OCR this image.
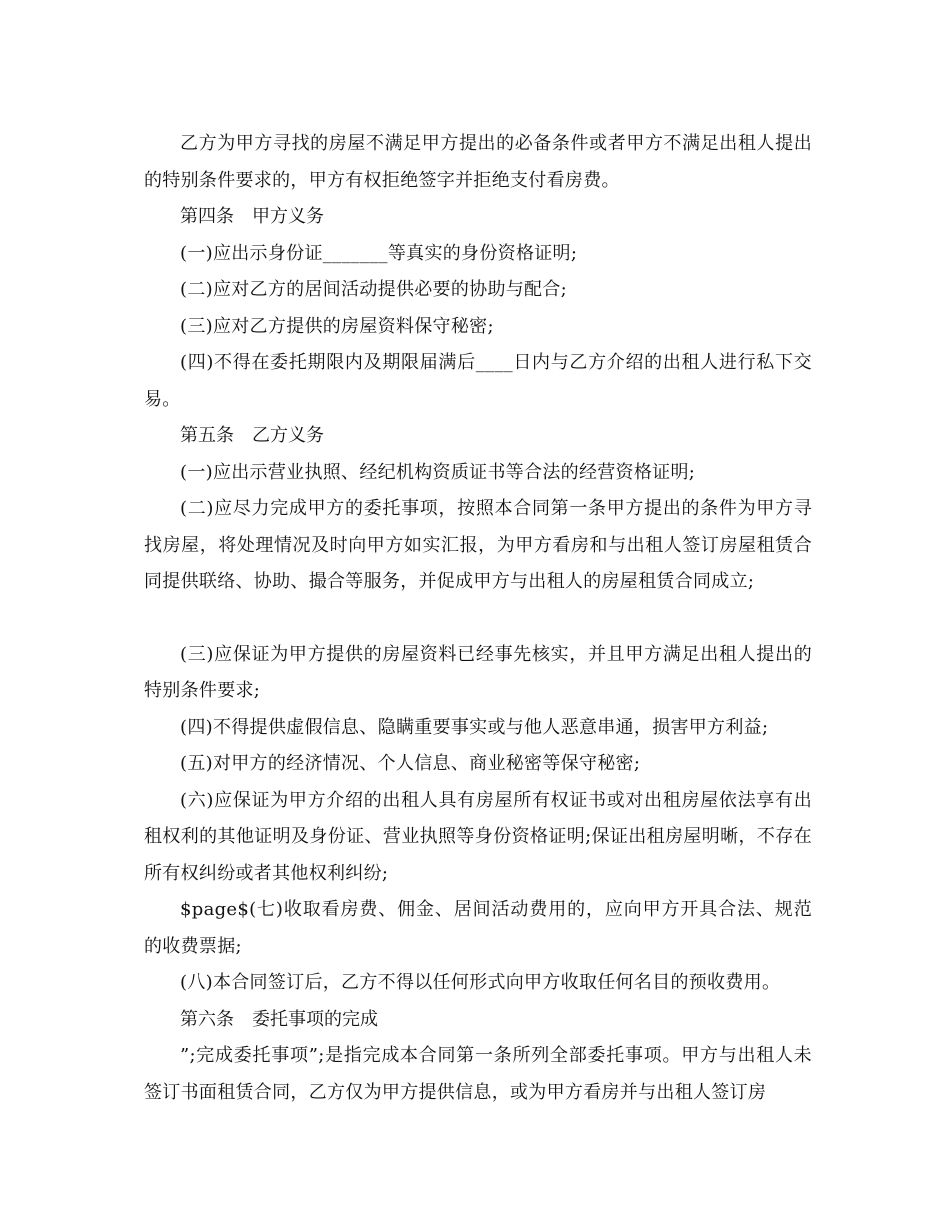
乙方为甲方寻找的房屋不满足甲方提出的必备条件或者甲方不满足出租人提出的特别条件要求的，甲方有权拒绝签字并拒绝支付看房费。

第四条　甲方义务

(一)应出示身份证_______等真实的身份资格证明;

(二)应对乙方的居间活动提供必要的协助与配合;

(三)应对乙方提供的房屋资料保守秘密;

(四)不得在委托期限内及期限届满后____日内与乙方介绍的出租人进行私下交易。

第五条　乙方义务

(一)应出示营业执照、经纪机构资质证书等合法的经营资格证明;

(二)应尽力完成甲方的委托事项，按照本合同第一条甲方提出的条件为甲方寻找房屋，将处理情况及时向甲方如实汇报，为甲方看房和与出租人签订房屋租赁合同提供联络、协助、撮合等服务，并促成甲方与出租人的房屋租赁合同成立;

(三)应保证为甲方提供的房屋资料已经事先核实，并且甲方满足出租人提出的特别条件要求;

(四)不得提供虚假信息、隐瞒重要事实或与他人恶意串通，损害甲方利益;

(五)对甲方的经济情况、个人信息、商业秘密等保守秘密;

(六)应保证为甲方介绍的出租人具有房屋所有权证书或对出租房屋依法享有出租权利的其他证明及身份证、营业执照等身份资格证明;保证出租房屋明晰，不存在所有权纠纷或者其他权利纠纷;

$page$(七)收取看房费、佣金、居间活动费用的，应向甲方开具合法、规范的收费票据;

(八)本合同签订后，乙方不得以任何形式向甲方收取任何名目的预收费用。

第六条　委托事项的完成

”;完成委托事项”;是指完成本合同第一条所列全部委托事项。甲方与出租人未签订书面租赁合同，乙方仅为甲方提供信息，或为甲方看房并与出租人签订房
